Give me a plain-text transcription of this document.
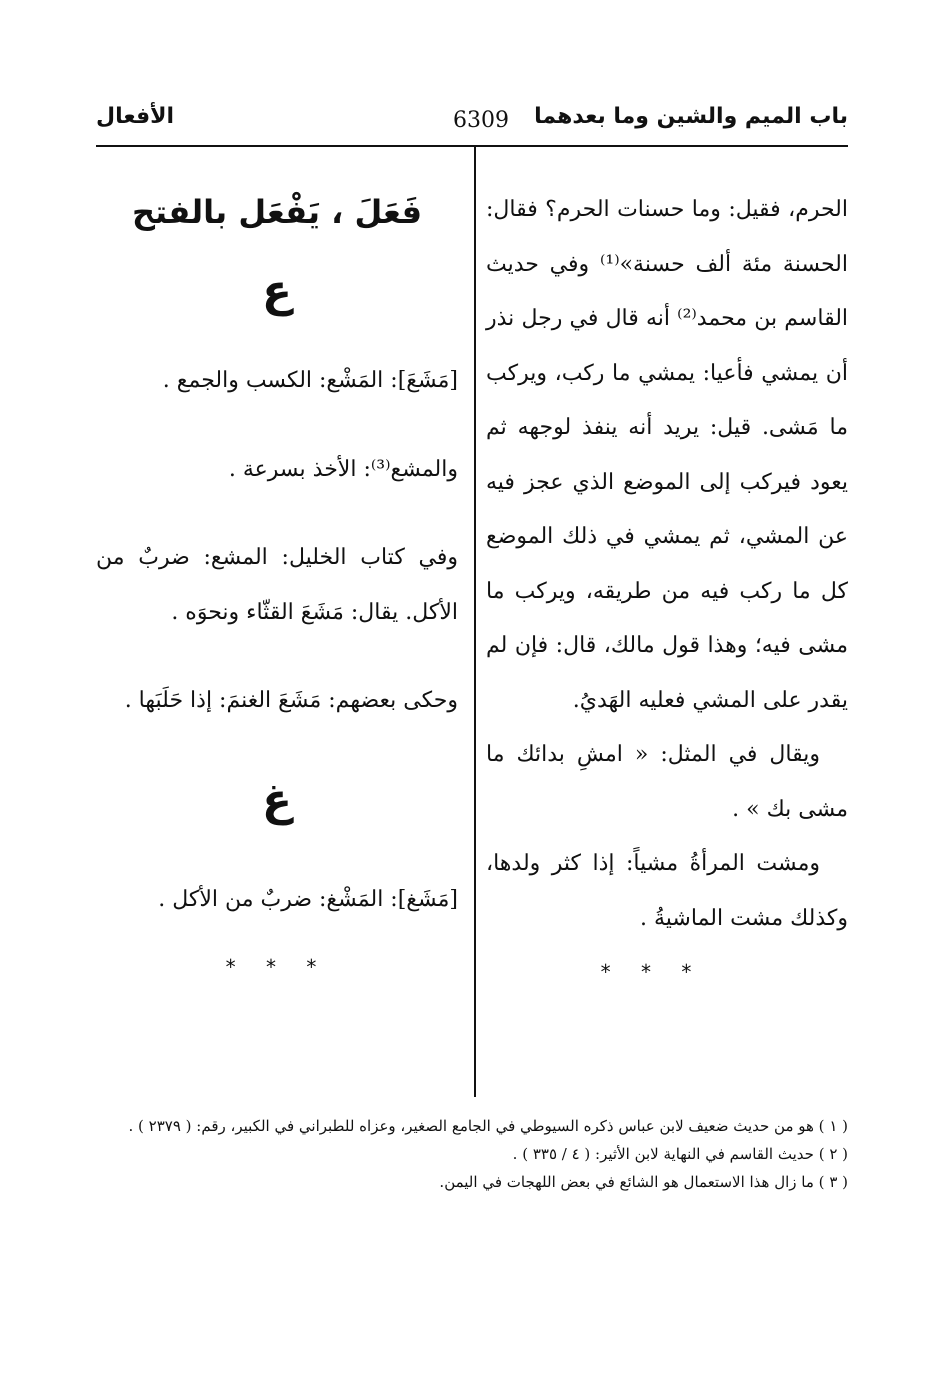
باب الميم والشين وما بعدهما
6309
الأفعال

الحرم، فقيل: وما حسنات الحرم؟ فقال: الحسنة مئة ألف حسنة»⁽¹⁾ وفي حديث القاسم بن محمد⁽²⁾ أنه قال في رجل نذر أن يمشي فأعيا: يمشي ما ركب، ويركب ما مَشى. قيل: يريد أنه ينفذ لوجهه ثم يعود فيركب إلى الموضع الذي عجز فيه عن المشي، ثم يمشي في ذلك الموضع كل ما ركب فيه من طريقه، ويركب ما مشى فيه؛ وهذا قول مالك، قال: فإن لم يقدر على المشي فعليه الهَديُ.

ويقال في المثل: « امشِ بدائك ما مشى بك » .

ومشت المرأةُ مشياً: إذا كثر ولدها، وكذلك مشت الماشيةُ .

* * *
فَعَلَ ، يَفْعَل بالفتح
ع

[مَشَعَ]: المَشْع: الكسب والجمع .

والمشع⁽³⁾: الأخذ بسرعة .

وفي كتاب الخليل: المشع: ضربٌ من الأكل. يقال: مَشَعَ القثّاء ونحوَه .

وحكى بعضهم: مَشَعَ الغنمَ: إذا حَلَبَها .

غ

[مَشَغ]: المَشْغ: ضربٌ من الأكل .

* * *

( ١ ) هو من حديث ضعيف لابن عباس ذكره السيوطي في الجامع الصغير، وعزاه للطبراني في الكبير، رقم: ( ٢٣٧٩ ) .

( ٢ ) حديث القاسم في النهاية لابن الأثير: ( ٤ / ٣٣٥ ) .

( ٣ ) ما زال هذا الاستعمال هو الشائع في بعض اللهجات في اليمن.
